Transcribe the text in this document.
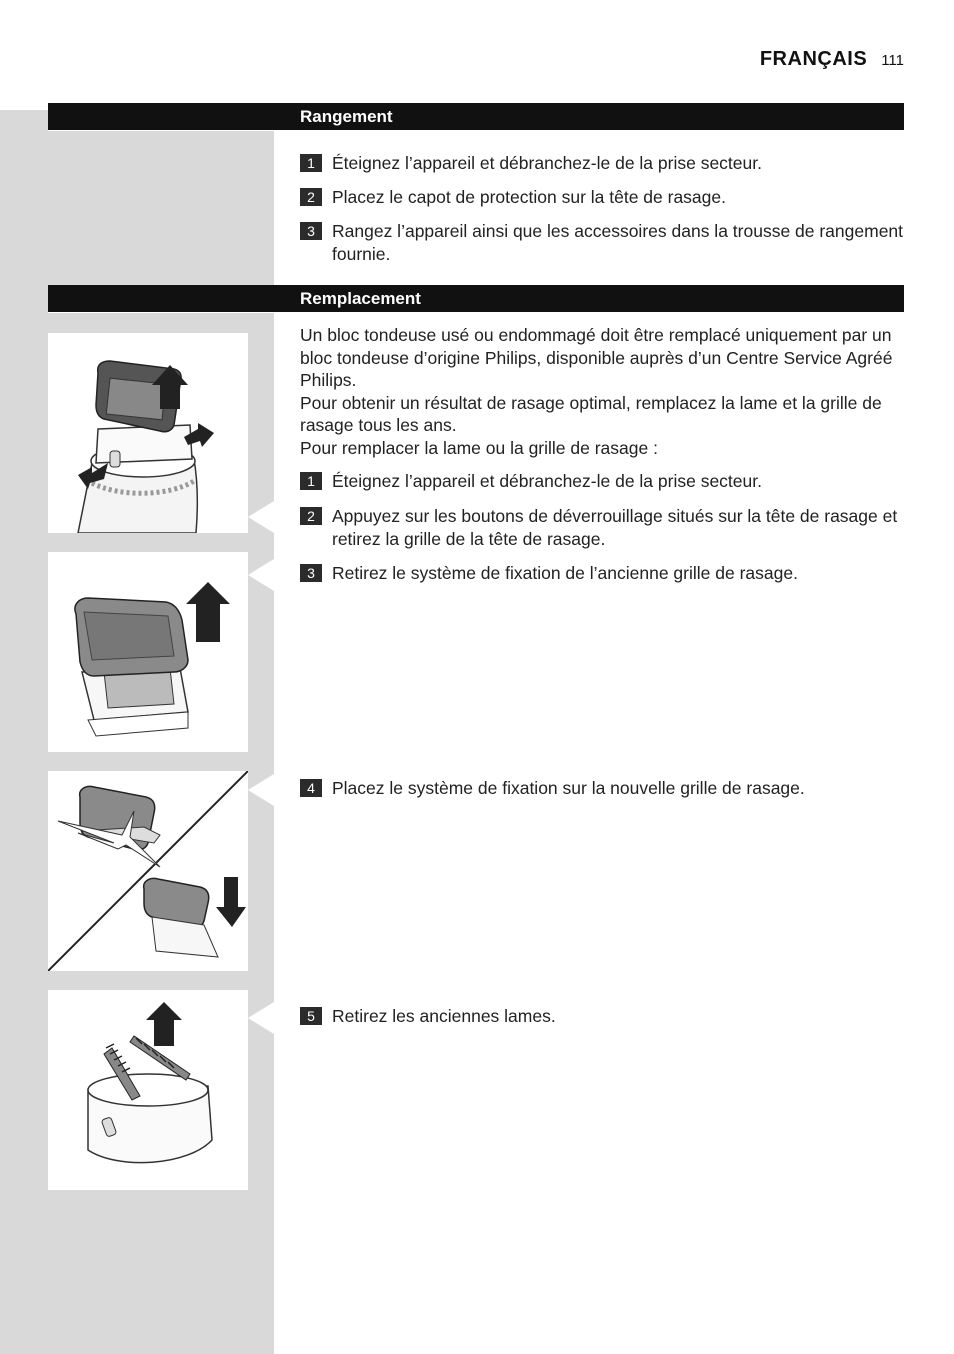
FRANÇAIS 111
Rangement
1 Éteignez l’appareil et débranchez-le de la prise secteur.
2 Placez le capot de protection sur la tête de rasage.
3 Rangez l’appareil ainsi que les accessoires dans la trousse de rangement fournie.
Remplacement

Un bloc tondeuse usé ou endommagé doit être remplacé uniquement par un bloc tondeuse d’origine Philips, disponible auprès d’un Centre Service Agréé Philips.

Pour obtenir un résultat de rasage optimal, remplacez la lame et la grille de rasage tous les ans.

Pour remplacer la lame ou la grille de rasage :

1 Éteignez l’appareil et débranchez-le de la prise secteur.
2 Appuyez sur les boutons de déverrouillage situés sur la tête de rasage et retirez la grille de la tête de rasage.
3 Retirez le système de fixation de l’ancienne grille de rasage.
4 Placez le système de fixation sur la nouvelle grille de rasage.
5 Retirez les anciennes lames.
